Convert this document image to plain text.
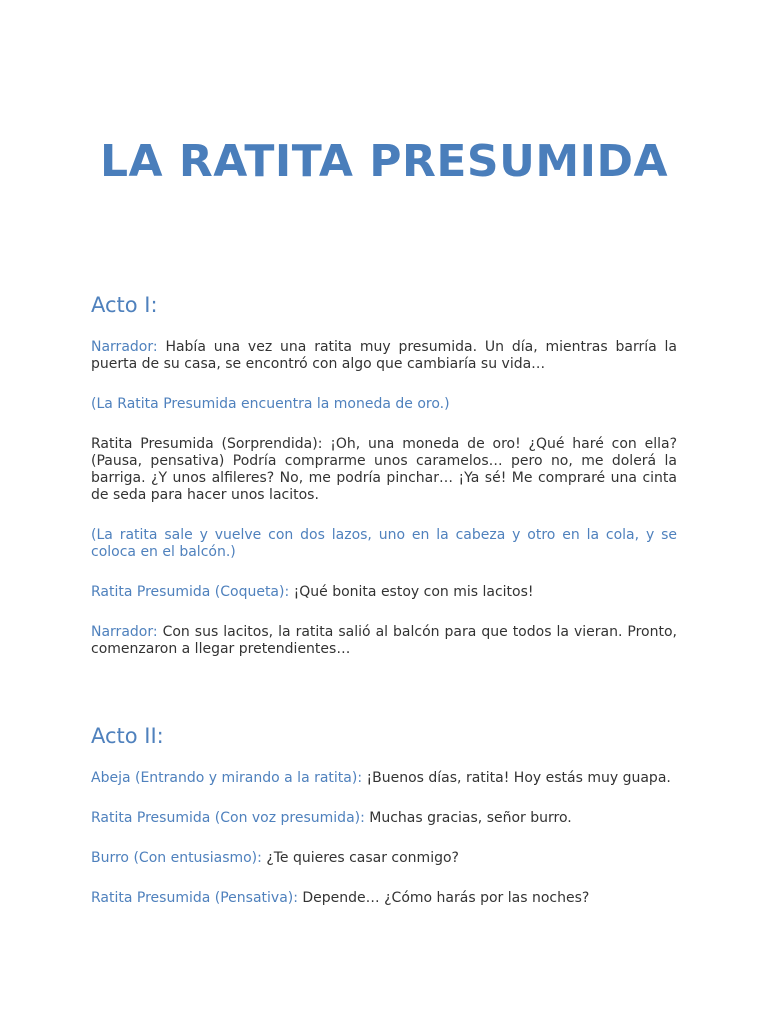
LA RATITA PRESUMIDA
Acto I:

Narrador: Había una vez una ratita muy presumida. Un día, mientras barría la puerta de su casa, se encontró con algo que cambiaría su vida…

(La Ratita Presumida encuentra la moneda de oro.)

Ratita Presumida (Sorprendida): ¡Oh, una moneda de oro! ¿Qué haré con ella? (Pausa, pensativa) Podría comprarme unos caramelos… pero no, me dolerá la barriga. ¿Y unos alfileres? No, me podría pinchar… ¡Ya sé! Me compraré una cinta de seda para hacer unos lacitos.

(La ratita sale y vuelve con dos lazos, uno en la cabeza y otro en la cola, y se coloca en el balcón.)

Ratita Presumida (Coqueta): ¡Qué bonita estoy con mis lacitos!

Narrador: Con sus lacitos, la ratita salió al balcón para que todos la vieran. Pronto, comenzaron a llegar pretendientes…

Acto II:

Abeja (Entrando y mirando a la ratita): ¡Buenos días, ratita! Hoy estás muy guapa.

Ratita Presumida (Con voz presumida): Muchas gracias, señor burro.

Burro (Con entusiasmo): ¿Te quieres casar conmigo?

Ratita Presumida (Pensativa): Depende… ¿Cómo harás por las noches?
